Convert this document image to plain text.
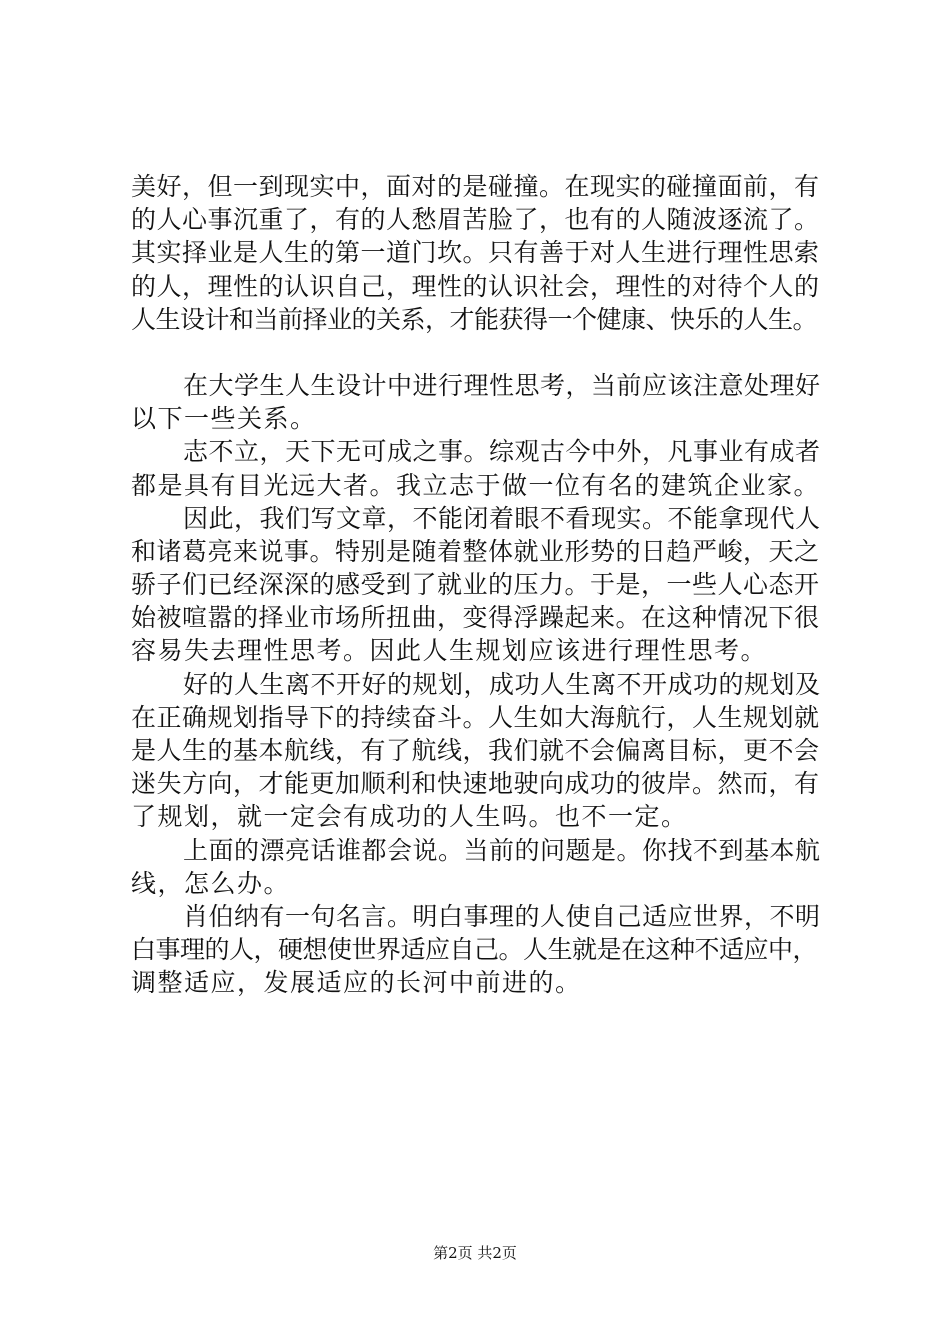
美好，但一到现实中，面对的是碰撞。在现实的碰撞面前，有
的人心事沉重了，有的人愁眉苦脸了，也有的人随波逐流了。
其实择业是人生的第一道门坎。只有善于对人生进行理性思索
的人，理性的认识自己，理性的认识社会，理性的对待个人的
人生设计和当前择业的关系，才能获得一个健康、快乐的人生。
在大学生人生设计中进行理性思考，当前应该注意处理好
以下一些关系。
志不立，天下无可成之事。综观古今中外，凡事业有成者
都是具有目光远大者。我立志于做一位有名的建筑企业家。
因此，我们写文章，不能闭着眼不看现实。不能拿现代人
和诸葛亮来说事。特别是随着整体就业形势的日趋严峻，天之
骄子们已经深深的感受到了就业的压力。于是，一些人心态开
始被喧嚣的择业市场所扭曲，变得浮躁起来。在这种情况下很
容易失去理性思考。因此人生规划应该进行理性思考。
好的人生离不开好的规划，成功人生离不开成功的规划及
在正确规划指导下的持续奋斗。人生如大海航行，人生规划就
是人生的基本航线，有了航线，我们就不会偏离目标，更不会
迷失方向，才能更加顺利和快速地驶向成功的彼岸。然而，有
了规划，就一定会有成功的人生吗。也不一定。
上面的漂亮话谁都会说。当前的问题是。你找不到基本航
线，怎么办。
肖伯纳有一句名言。明白事理的人使自己适应世界，不明
白事理的人，硬想使世界适应自己。人生就是在这种不适应中，
调整适应，发展适应的长河中前进的。
第2页 共2页
